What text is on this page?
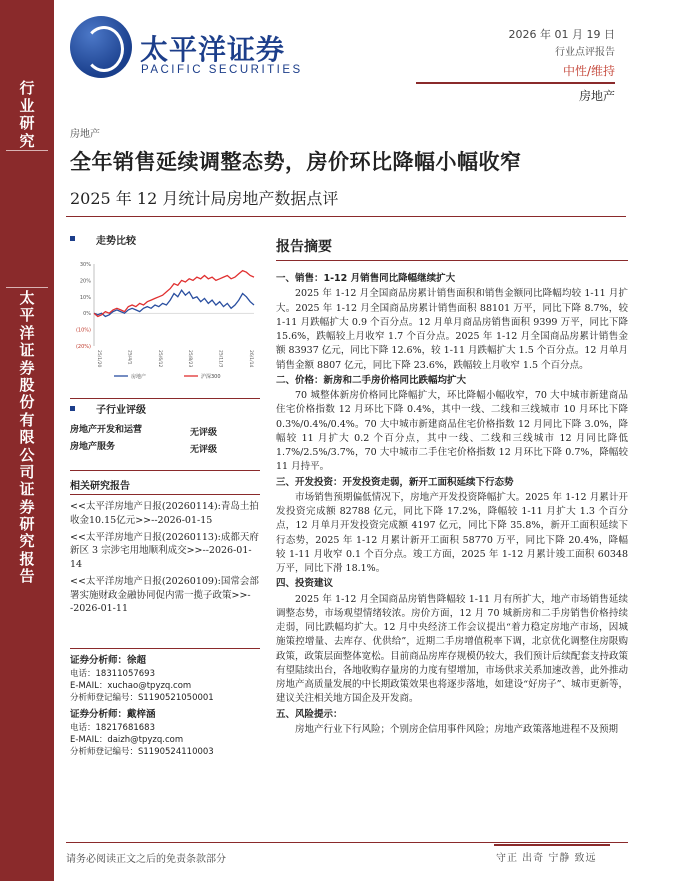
行
业
研
究
太
平
洋
证
券
股
份
有
限
公
司
证
券
研
究
报
告
太平洋证券
PACIFIC SECURITIES
2026 年 01 月 19 日
行业点评报告
中性/维持
房地产
房地产
全年销售延续调整态势，房价环比降幅小幅收窄
2025 年 12 月统计局房地产数据点评
走势比较
30%
20%
10%
0%
(10%)
(20%)
25/1/20	25/4/1	25/6/12	25/8/23	25/11/3	26/1/14
房地产	沪深300
子行业评级
房地产开发和运营	无评级
房地产服务	无评级
相关研究报告
<<太平洋房地产日报(20260114):青岛土拍收金10.15亿元>>--2026-01-15
<<太平洋房地产日报(20260113):成都天府新区 3 宗涉宅用地顺利成交>>--2026-01-14
<<太平洋房地产日报(20260109):国常会部署实施财政金融协同促内需一揽子政策>>--2026-01-11
证券分析师：徐超
电话：18311057693
E-MAIL：xuchao@tpyzq.com
分析师登记编号：S1190521050001
证券分析师：戴梓涵
电话：18217681683
E-MAIL：daizh@tpyzq.com
分析师登记编号：S1190524110003
报告摘要
一、销售：1-12 月销售同比降幅继续扩大

2025 年 1-12 月全国商品房累计销售面积和销售金额同比降幅均较 1-11 月扩大。2025 年 1-12 月全国商品房累计销售面积 88101 万平，同比下降 8.7%，较 1-11 月跌幅扩大 0.9 个百分点。12 月单月商品房销售面积 9399 万平，同比下降 15.6%，跌幅较上月收窄 1.7 个百分点。2025 年 1-12 月全国商品房累计销售金额 83937 亿元，同比下降 12.6%，较 1-11 月跌幅扩大 1.5 个百分点。12 月单月销售金额 8807 亿元，同比下降 23.6%，跌幅较上月收窄 1.5 个百分点。

二、价格：新房和二手房价格同比跌幅均扩大

70 城整体新房价格同比降幅扩大，环比降幅小幅收窄，70 大中城市新建商品住宅价格指数 12 月环比下降 0.4%，其中一线、二线和三线城市 10 月环比下降 0.3%/0.4%/0.4%。70 大中城市新建商品住宅价格指数 12 月同比下降 3.0%，降幅较 11 月扩大 0.2 个百分点，其中一线、二线和三线城市 12 月同比降低 1.7%/2.5%/3.7%，70 大中城市二手住宅价格指数 12 月环比下降 0.7%，降幅较 11 月持平。

三、开发投资：开发投资走弱，新开工面积延续下行态势

市场销售预期偏低情况下，房地产开发投资降幅扩大。2025 年 1-12 月累计开发投资完成额 82788 亿元，同比下降 17.2%，降幅较 1-11 月扩大 1.3 个百分点，12 月单月开发投资完成额 4197 亿元，同比下降 35.8%，新开工面积延续下行态势，2025 年 1-12 月累计新开工面积 58770 万平，同比下降 20.4%，降幅较 1-11 月收窄 0.1 个百分点。竣工方面，2025 年 1-12 月累计竣工面积 60348 万平，同比下滑 18.1%。

四、投资建议

2025 年 1-12 月全国商品房销售降幅较 1-11 月有所扩大，地产市场销售延续调整态势，市场观望情绪较浓。房价方面，12 月 70 城新房和二手房销售价格持续走弱，同比跌幅均扩大。12 月中央经济工作会议提出“着力稳定房地产市场，因城施策控增量、去库存、优供给”，近期二手房增值税率下调，北京优化调整住房限购政策，政策层面整体宽松。目前商品房库存规模仍较大，我们预计后续配套支持政策有望陆续出台，各地收购存量房的力度有望增加，市场供求关系加速改善，此外推动房地产高质量发展的中长期政策效果也将逐步落地，如建设“好房子”、城市更新等，建议关注相关地方国企及开发商。

五、风险提示：

房地产行业下行风险；个别房企信用事件风险；房地产政策落地进程不及预期

请务必阅读正文之后的免责条款部分	守正 出奇 宁静 致远
